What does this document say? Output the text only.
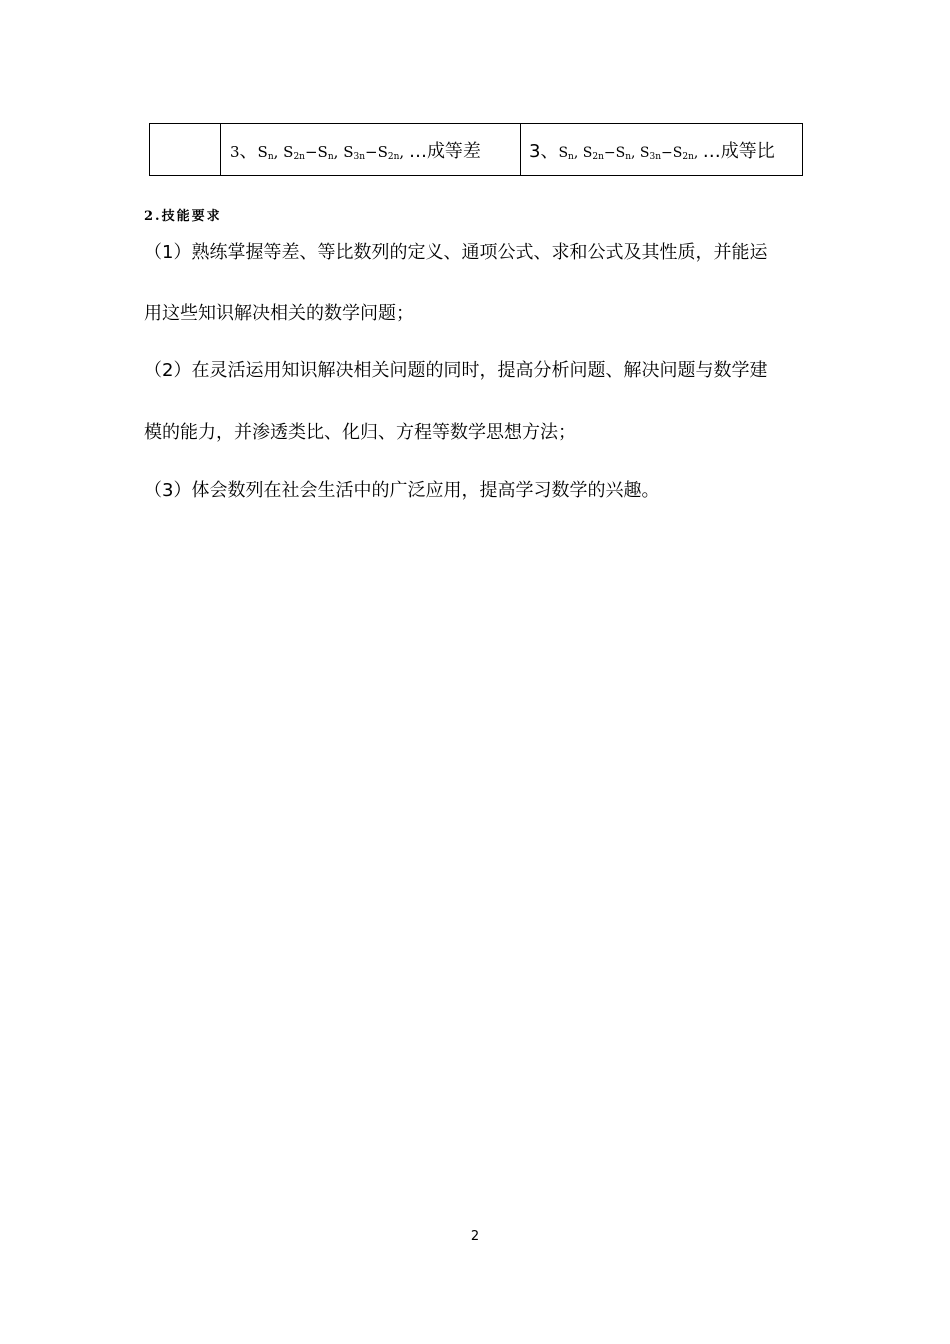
	3、$S_n$, $S_{2n}-S_n$, $S_{3n}-S_{2n}$, …成等差	3、$S_n$, $S_{2n}-S_n$, $S_{3n}-S_{2n}$, …成等比
2.技能要求
（1）熟练掌握等差、等比数列的定义、通项公式、求和公式及其性质，并能运
用这些知识解决相关的数学问题；
（2）在灵活运用知识解决相关问题的同时，提高分析问题、解决问题与数学建
模的能力，并渗透类比、化归、方程等数学思想方法；
（3）体会数列在社会生活中的广泛应用，提高学习数学的兴趣。
2
